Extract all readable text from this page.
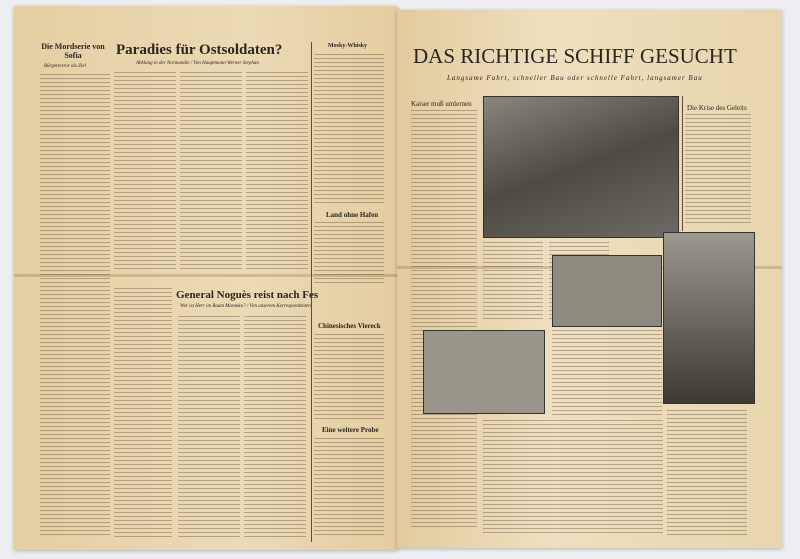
Die Mordserie von Sofia
Bürgerterror als Ziel
Paradies für Ostsoldaten?
Abklang in der Normandie / Von Hauptmann Werner Stephan
Mosky-Whisky
Land ohne Hafen
General Noguès reist nach Fes
Wer ist Herr im Raum Marokko? / Von unserem Korrespondenten
Chinesisches Viereck
Eine weitere Probe
DAS RICHTIGE SCHIFF GESUCHT
Langsame Fahrt, schneller Bau oder schnelle Fahrt, langsamer Bau
Kaiser muß umlernen	Die Krise des Geleits
